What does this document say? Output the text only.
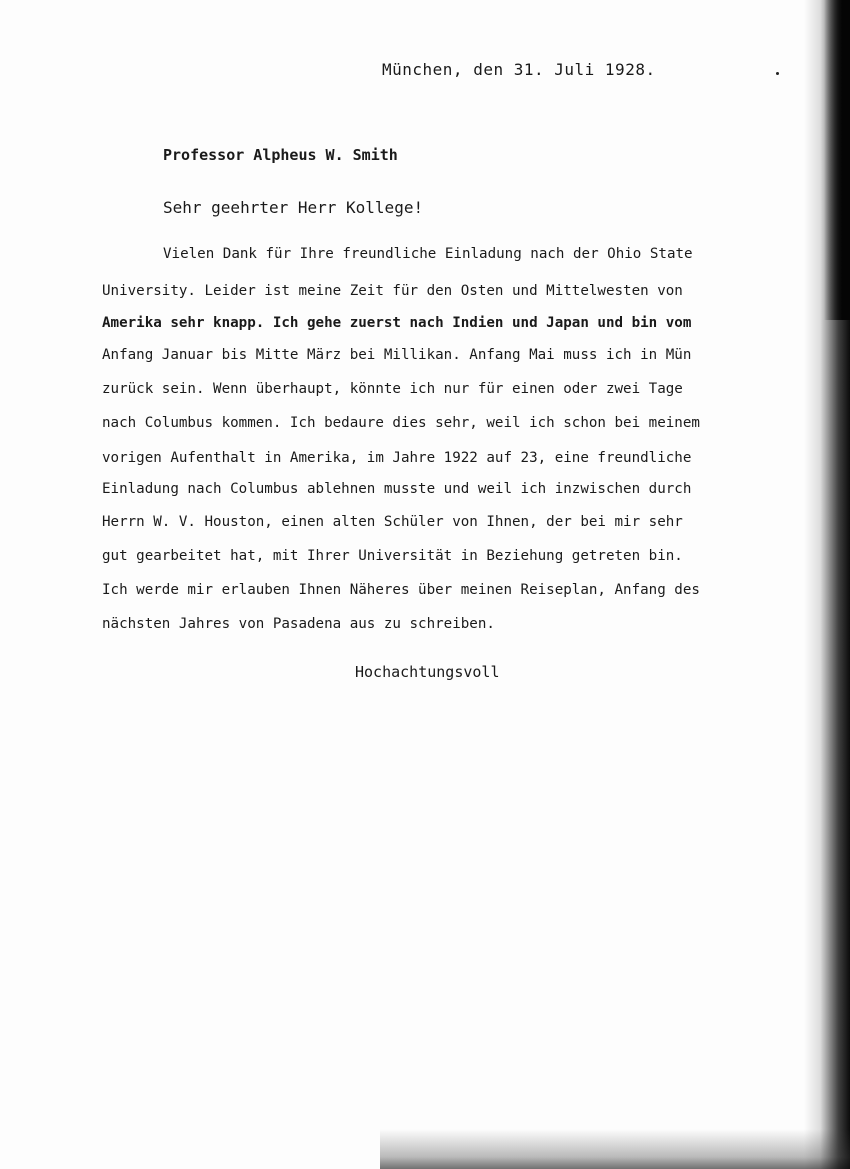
München, den 31. Juli 1928.
Professor Alpheus W. Smith
Sehr geehrter Herr Kollege!
Vielen Dank für Ihre freundliche Einladung nach der Ohio State
University. Leider ist meine Zeit für den Osten und Mittelwesten von
Amerika sehr knapp. Ich gehe zuerst nach Indien und Japan und bin vom
Anfang Januar bis Mitte März bei Millikan. Anfang Mai muss ich in Mün
zurück sein. Wenn überhaupt, könnte ich nur für einen oder zwei Tage
nach Columbus kommen. Ich bedaure dies sehr, weil ich schon bei meinem
vorigen Aufenthalt in Amerika, im Jahre 1922 auf 23, eine freundliche
Einladung nach Columbus ablehnen musste und weil ich inzwischen durch
Herrn W. V. Houston, einen alten Schüler von Ihnen, der bei mir sehr
gut gearbeitet hat, mit Ihrer Universität in Beziehung getreten bin.
Ich werde mir erlauben Ihnen Näheres über meinen Reiseplan, Anfang des
nächsten Jahres von Pasadena aus zu schreiben.
Hochachtungsvoll
